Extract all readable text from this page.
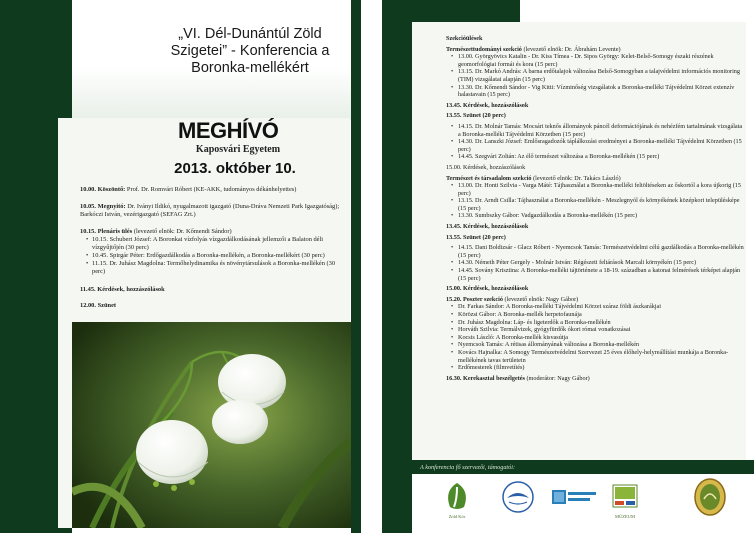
„VI. Dél-Dunántúl Zöld Szigetei” - Konferencia a Boronka-mellékért
MEGHÍVÓ
Kaposvári Egyetem
2013. október 10.
10.00. Köszöntő: Prof. Dr. Romvári Róbert (KE-AKK, tudományos dékánhelyettes)
10.05. Megnyitó: Dr. Iványi Ildikó, nyugalmazott igazgató (Duna-Dráva Nemzeti Park Igazgatóság); Barkóczi István, vezérigazgató (SEFAG Zrt.)
10.15. Plenáris ülés (levezető elnök: Dr. Kőmendi Sándor)
• 10.15. Schubert József: A Boronkai vízfolyás vízgazdálkodásának jellemzői a Balaton déli vízgyűjtőjén (30 perc)
• 10.45. Spirgár Péter: Erdőgazdálkodás a Boronka-mellékén, a Boronka-mellékért (30 perc)
• 11.15. Dr. Juhász Magdolna: Termőhelydinamika és növénytársulások a Boronka-mellékén (30 perc)
11.45. Kérdések, hozzászólások
12.00. Szünet
Szekcióülések
Természettudományi szekció (levezető elnök: Dr. Ábrahám Levente)
• 13.00. Györgyövics Katalin - Dr. Kiss Tímea - Dr. Sipos György: Kelet-Belső-Somogy északi részének geomorfológiai formái és kora (15 perc)
• 13.15. Dr. Markó András: A barna erdőtalajok változása Belső-Somogyban a talajvédelmi információs monitoring (TIM) vizsgálatai alapján (15 perc)
• 13.30. Dr. Kőmendi Sándor - Vig Kitti: Vízminőség vizsgálatok a Boronka-melléki Tájvédelmi Körzet extenzív halastavain (15 perc)
13.45. Kérdések, hozzászólások
13.55. Szünet (20 perc)
• 14.15. Dr. Molnár Tamás: Mocsári teknős állományok páncél deformációjának és nehézfém tartalmának vizsgálata a Boronka-melléki Tájvédelmi Körzetben (15 perc)
• 14.30. Dr. Lanszki József: Emlősragadozók táplálkozási eredményei a Boronka-melléki Tájvédelmi Körzetben (15 perc)
• 14.45. Szegvári Zoltán: Az élő természet változása a Boronka-mellékén (15 perc)
15.00. Kérdések, hozzászólások
Természet és társadalom szekció (levezető elnök: Dr. Takács László)
• 13.00. Dr. Honti Szilvia - Varga Máté: Tájhasználat a Boronka-melléki feltöltéseken az őskortól a kora újkorig (15 perc)
• 13.15. Dr. Arndt Csilla: Tájhasználat a Boronka-mellékén - Meszlegnyól és környékének középkori településképe (15 perc)
• 13.30. Sumbszky Gábor: Vadgazdálkodás a Boronka-mellékén (15 perc)
13.45. Kérdések, hozzászólások
13.55. Szünet (20 perc)
• 14.15. Dani Boldizsár - Glacz Róbert - Nyemcsok Tamás: Természetvédelmi célú gazdálkodás a Boronka-mellékén (15 perc)
• 14.30. Németh Péter Gergely - Molnár István: Régészeti feltárások Marcali környékén (15 perc)
• 14.45. Sovány Krisztina: A Boronka-melléki tájtörténete a 18-19. században a katonai felmérések térképei alapján (15 perc)
15.00. Kérdések, hozzászólások
15.20. Poszter szekció (levezető elnök: Nagy Gábor)
• Dr. Farkas Sándor: A Boronka-melléki Tájvédelmi Körzet száraz földi ászkarákjai
• Körözsi Gábor: A Boronka-mellék herpetofaunája
• Dr. Juhász Magdolna: Láp- és ligeterdők a Boronka-mellékén
• Horváth Szilvia: Termálvizek, gyógyfürdők ókori római vonatkozásai
• Kocsis László: A Boronka-mellék kisvasútja
• Nyemcsok Tamás: A rétisas állományának változása a Boronka-mellékén
• Kovács Hajnalka: A Somogy Természetvédelmi Szervezet 25 éves élőhely-helyreállítási munkája a Boronka-mellékének tavas területein
• Erdőmesterek (filmvetítés)
16.30. Kerekasztal beszélgetés (moderátor: Nagy Gábor)
A konferencia fő szervezői, támogatói:
Zöld Kör	MÚZEUM
